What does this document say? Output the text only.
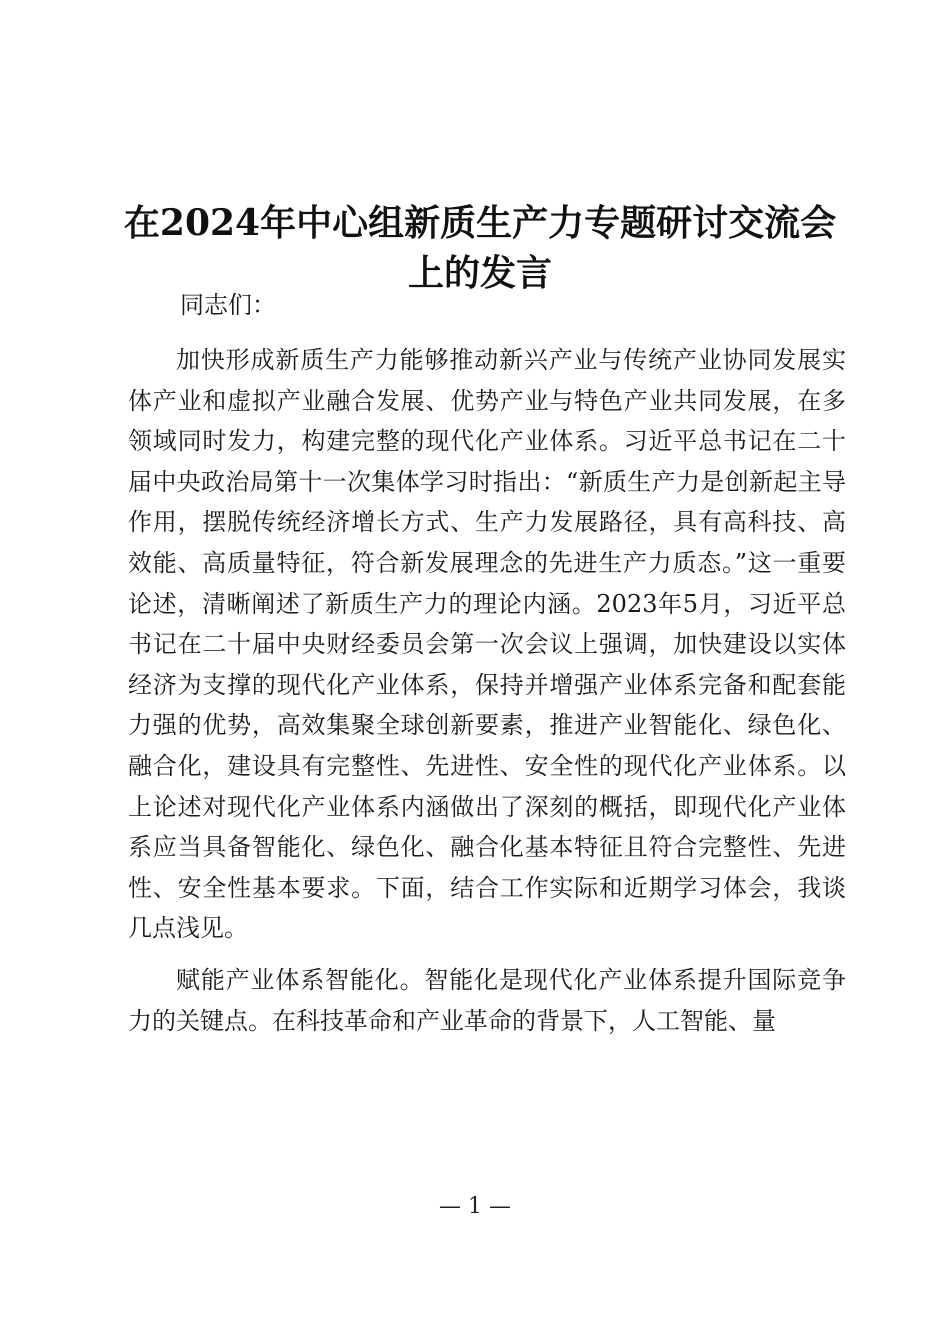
在2024年中心组新质生产力专题研讨交流会上的发言

同志们：

加快形成新质生产力能够推动新兴产业与传统产业协同发展实体产业和虚拟产业融合发展、优势产业与特色产业共同发展，在多领域同时发力，构建完整的现代化产业体系。习近平总书记在二十届中央政治局第十一次集体学习时指出：“新质生产力是创新起主导作用，摆脱传统经济增长方式、生产力发展路径，具有高科技、高效能、高质量特征，符合新发展理念的先进生产力质态。”这一重要论述，清晰阐述了新质生产力的理论内涵。2023年5月，习近平总书记在二十届中央财经委员会第一次会议上强调，加快建设以实体经济为支撑的现代化产业体系，保持并增强产业体系完备和配套能力强的优势，高效集聚全球创新要素，推进产业智能化、绿色化、融合化，建设具有完整性、先进性、安全性的现代化产业体系。以上论述对现代化产业体系内涵做出了深刻的概括，即现代化产业体系应当具备智能化、绿色化、融合化基本特征且符合完整性、先进性、安全性基本要求。下面，结合工作实际和近期学习体会，我谈几点浅见。

赋能产业体系智能化。智能化是现代化产业体系提升国际竞争力的关键点。在科技革命和产业革命的背景下，人工智能、量

— 1 —
